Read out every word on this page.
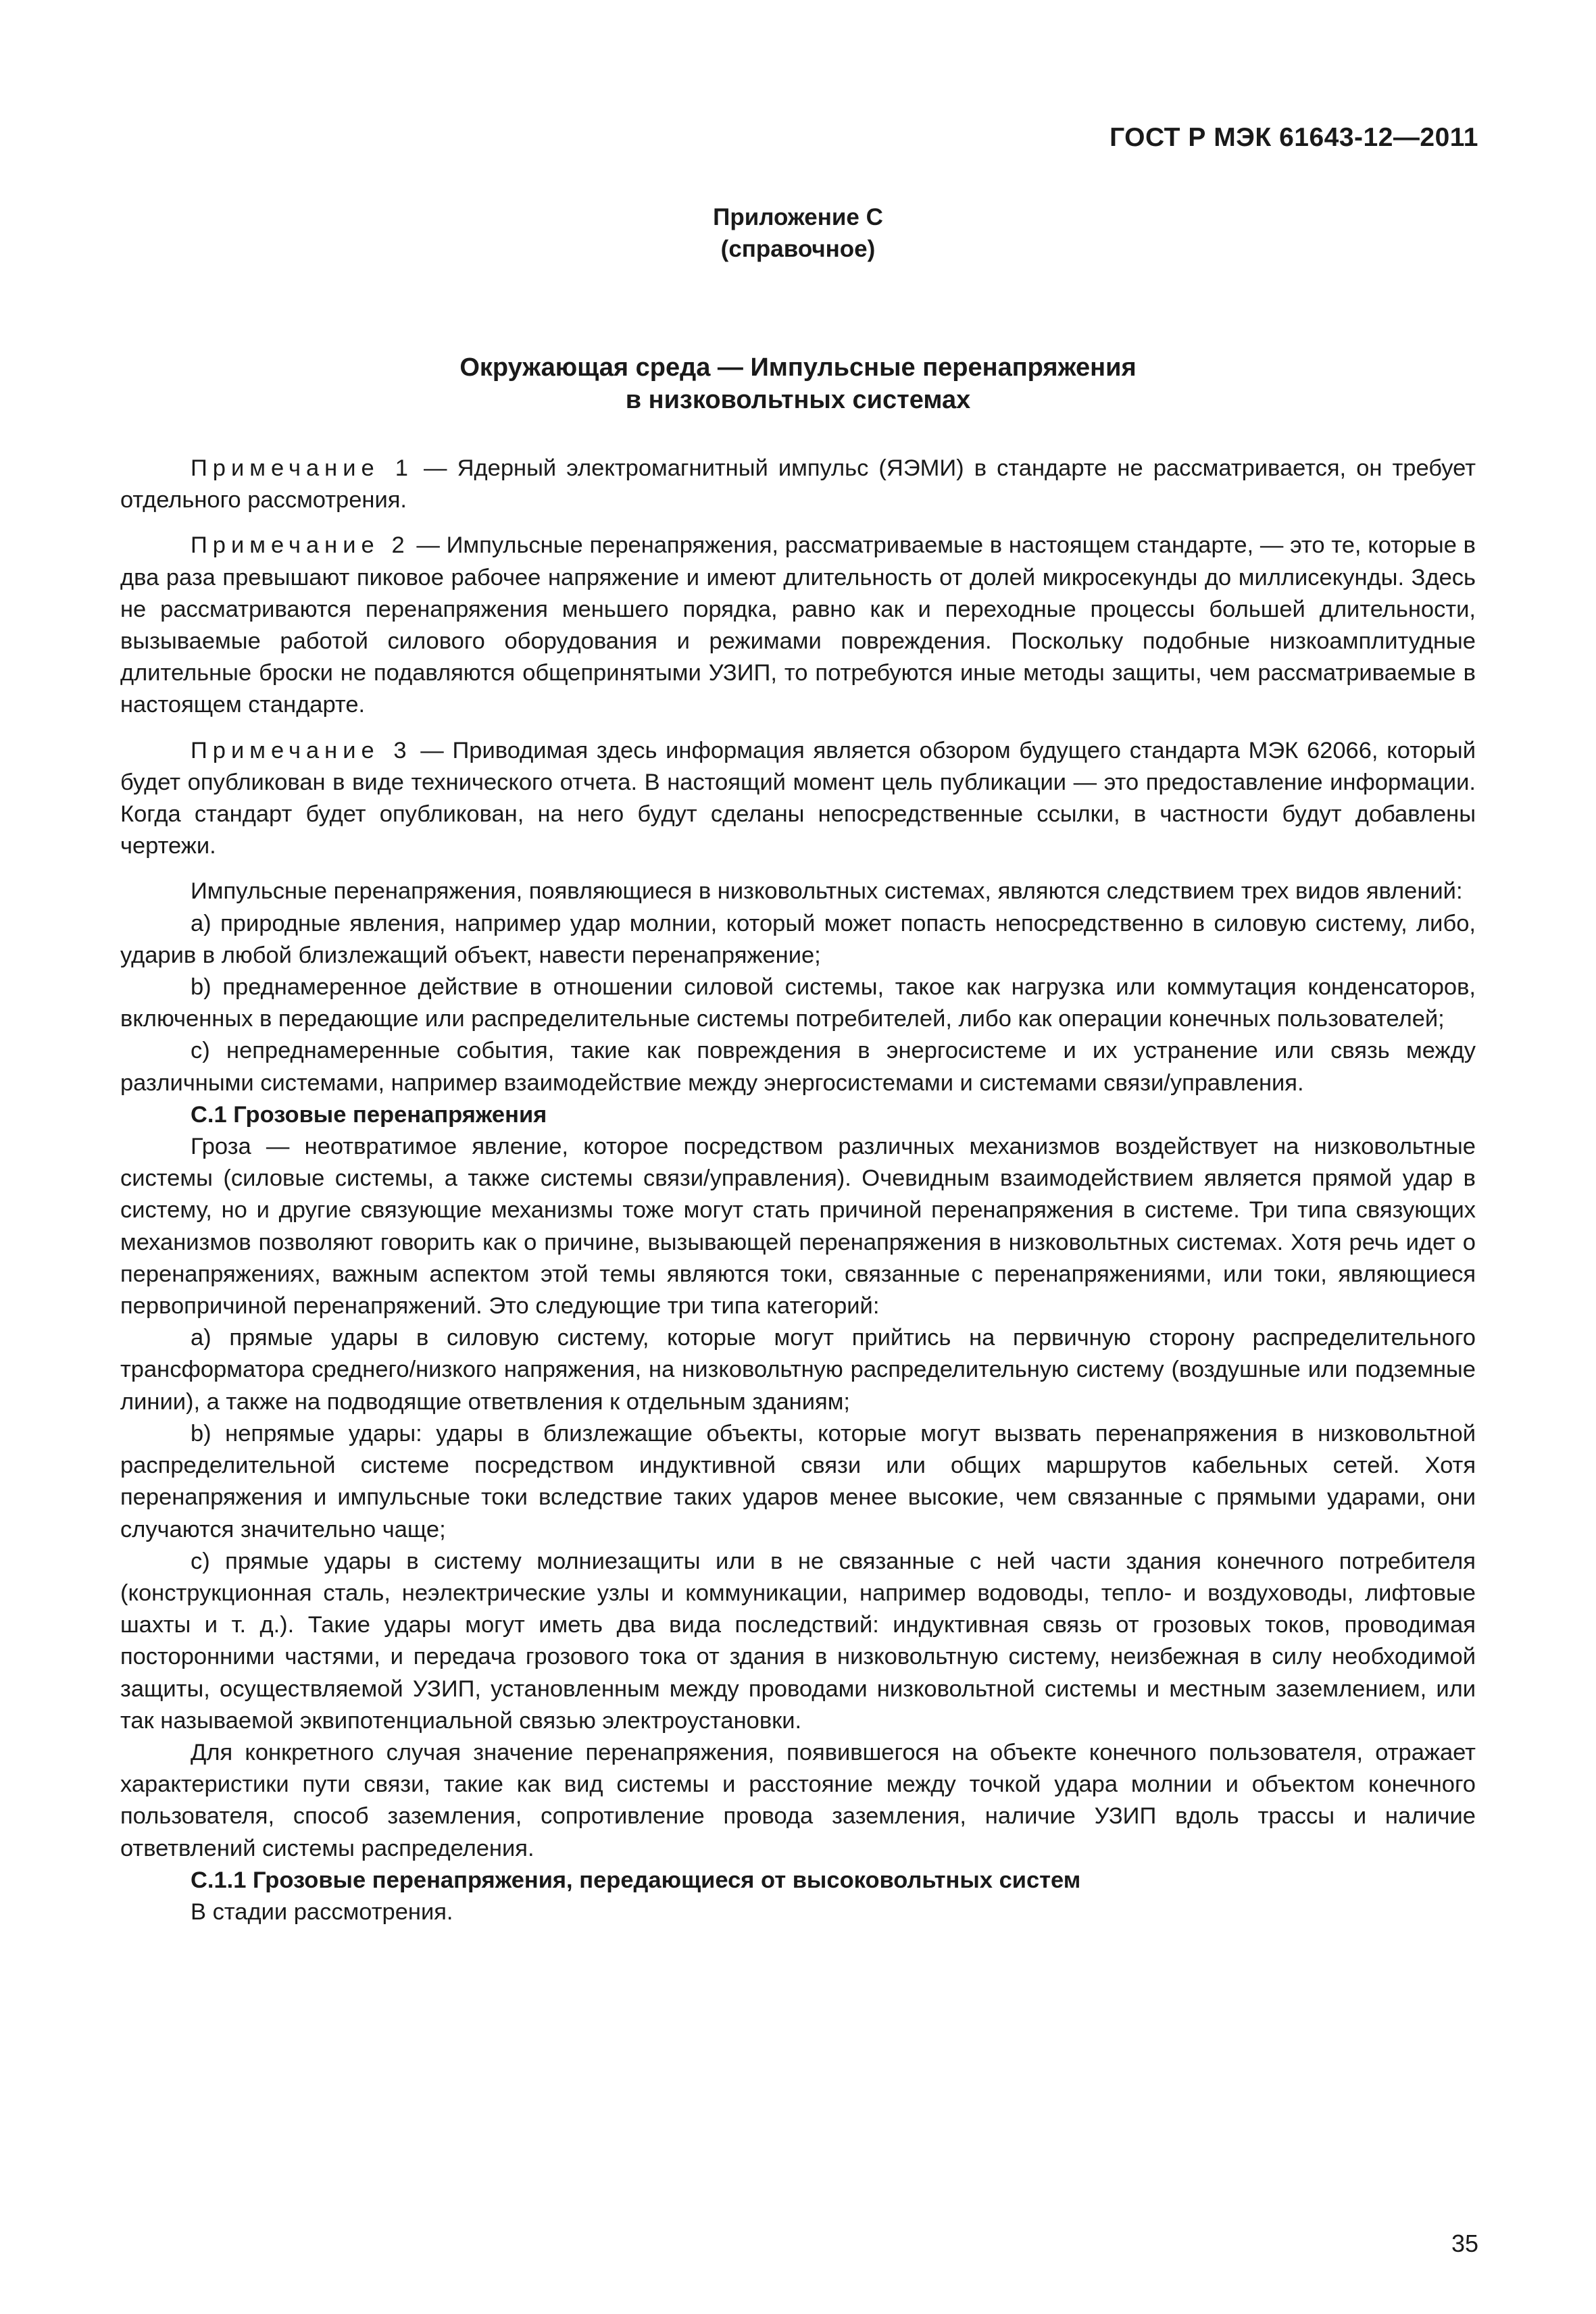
ГОСТ Р МЭК 61643-12—2011
Приложение С
(справочное)
Окружающая среда — Импульсные перенапряжения
в низковольтных системах

Примечание 1 — Ядерный электромагнитный импульс (ЯЭМИ) в стандарте не рассматривается, он требует отдельного рассмотрения.

Примечание 2 — Импульсные перенапряжения, рассматриваемые в настоящем стандарте, — это те, которые в два раза превышают пиковое рабочее напряжение и имеют длительность от долей микросекунды до миллисекунды. Здесь не рассматриваются перенапряжения меньшего порядка, равно как и переходные процессы большей длительности, вызываемые работой силового оборудования и режимами повреждения. Поскольку подобные низкоамплитудные длительные броски не подавляются общепринятыми УЗИП, то потребуются иные методы защиты, чем рассматриваемые в настоящем стандарте.

Примечание 3 — Приводимая здесь информация является обзором будущего стандарта МЭК 62066, который будет опубликован в виде технического отчета. В настоящий момент цель публикации — это предоставление информации. Когда стандарт будет опубликован, на него будут сделаны непосредственные ссылки, в частности будут добавлены чертежи.

Импульсные перенапряжения, появляющиеся в низковольтных системах, являются следствием трех видов явлений:

a) природные явления, например удар молнии, который может попасть непосредственно в силовую систему, либо, ударив в любой близлежащий объект, навести перенапряжение;

b) преднамеренное действие в отношении силовой системы, такое как нагрузка или коммутация конденсаторов, включенных в передающие или распределительные системы потребителей, либо как операции конечных пользователей;

c) непреднамеренные события, такие как повреждения в энергосистеме и их устранение или связь между различными системами, например взаимодействие между энергосистемами и системами связи/управления.

С.1 Грозовые перенапряжения

Гроза — неотвратимое явление, которое посредством различных механизмов воздействует на низковольтные системы (силовые системы, а также системы связи/управления). Очевидным взаимодействием является прямой удар в систему, но и другие связующие механизмы тоже могут стать причиной перенапряжения в системе. Три типа связующих механизмов позволяют говорить как о причине, вызывающей перенапряжения в низковольтных системах. Хотя речь идет о перенапряжениях, важным аспектом этой темы являются токи, связанные с перенапряжениями, или токи, являющиеся первопричиной перенапряжений. Это следующие три типа категорий:

a) прямые удары в силовую систему, которые могут прийтись на первичную сторону распределительного трансформатора среднего/низкого напряжения, на низковольтную распределительную систему (воздушные или подземные линии), а также на подводящие ответвления к отдельным зданиям;

b) непрямые удары: удары в близлежащие объекты, которые могут вызвать перенапряжения в низковольтной распределительной системе посредством индуктивной связи или общих маршрутов кабельных сетей. Хотя перенапряжения и импульсные токи вследствие таких ударов менее высокие, чем связанные с прямыми ударами, они случаются значительно чаще;

c) прямые удары в систему молниезащиты или в не связанные с ней части здания конечного потребителя (конструкционная сталь, неэлектрические узлы и коммуникации, например водоводы, тепло- и воздуховоды, лифтовые шахты и т. д.). Такие удары могут иметь два вида последствий: индуктивная связь от грозовых токов, проводимая посторонними частями, и передача грозового тока от здания в низковольтную систему, неизбежная в силу необходимой защиты, осуществляемой УЗИП, установленным между проводами низковольтной системы и местным заземлением, или так называемой эквипотенциальной связью электроустановки.

Для конкретного случая значение перенапряжения, появившегося на объекте конечного пользователя, отражает характеристики пути связи, такие как вид системы и расстояние между точкой удара молнии и объектом конечного пользователя, способ заземления, сопротивление провода заземления, наличие УЗИП вдоль трассы и наличие ответвлений системы распределения.

С.1.1 Грозовые перенапряжения, передающиеся от высоковольтных систем

В стадии рассмотрения.

35
